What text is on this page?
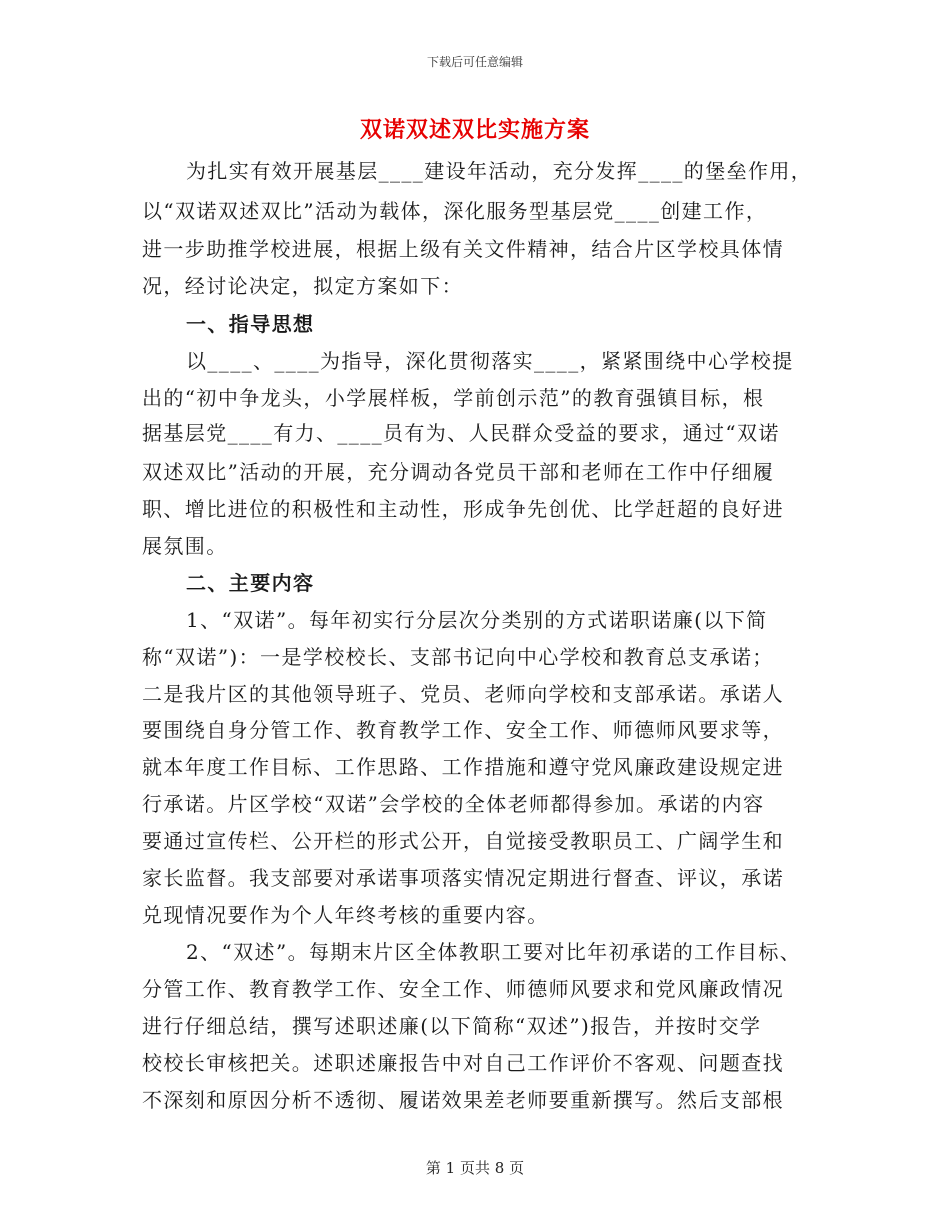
下载后可任意编辑
双诺双述双比实施方案
为扎实有效开展基层____建设年活动，充分发挥____的堡垒作用，
以“双诺双述双比”活动为载体，深化服务型基层党____创建工作，
进一步助推学校进展，根据上级有关文件精神，结合片区学校具体情
况，经讨论决定，拟定方案如下：
一、指导思想
以____、____为指导，深化贯彻落实____，紧紧围绕中心学校提
出的“初中争龙头，小学展样板，学前创示范”的教育强镇目标，根
据基层党____有力、____员有为、人民群众受益的要求，通过“双诺
双述双比”活动的开展，充分调动各党员干部和老师在工作中仔细履
职、增比进位的积极性和主动性，形成争先创优、比学赶超的良好进
展氛围。
二、主要内容
1、“双诺”。每年初实行分层次分类别的方式诺职诺廉(以下简
称“双诺”)：一是学校校长、支部书记向中心学校和教育总支承诺；
二是我片区的其他领导班子、党员、老师向学校和支部承诺。承诺人
要围绕自身分管工作、教育教学工作、安全工作、师德师风要求等，
就本年度工作目标、工作思路、工作措施和遵守党风廉政建设规定进
行承诺。片区学校“双诺”会学校的全体老师都得参加。承诺的内容
要通过宣传栏、公开栏的形式公开，自觉接受教职员工、广阔学生和
家长监督。我支部要对承诺事项落实情况定期进行督查、评议，承诺
兑现情况要作为个人年终考核的重要内容。
2、“双述”。每期末片区全体教职工要对比年初承诺的工作目标、
分管工作、教育教学工作、安全工作、师德师风要求和党风廉政情况
进行仔细总结，撰写述职述廉(以下简称“双述”)报告，并按时交学
校校长审核把关。述职述廉报告中对自己工作评价不客观、问题查找
不深刻和原因分析不透彻、履诺效果差老师要重新撰写。然后支部根
第 1 页共 8 页
